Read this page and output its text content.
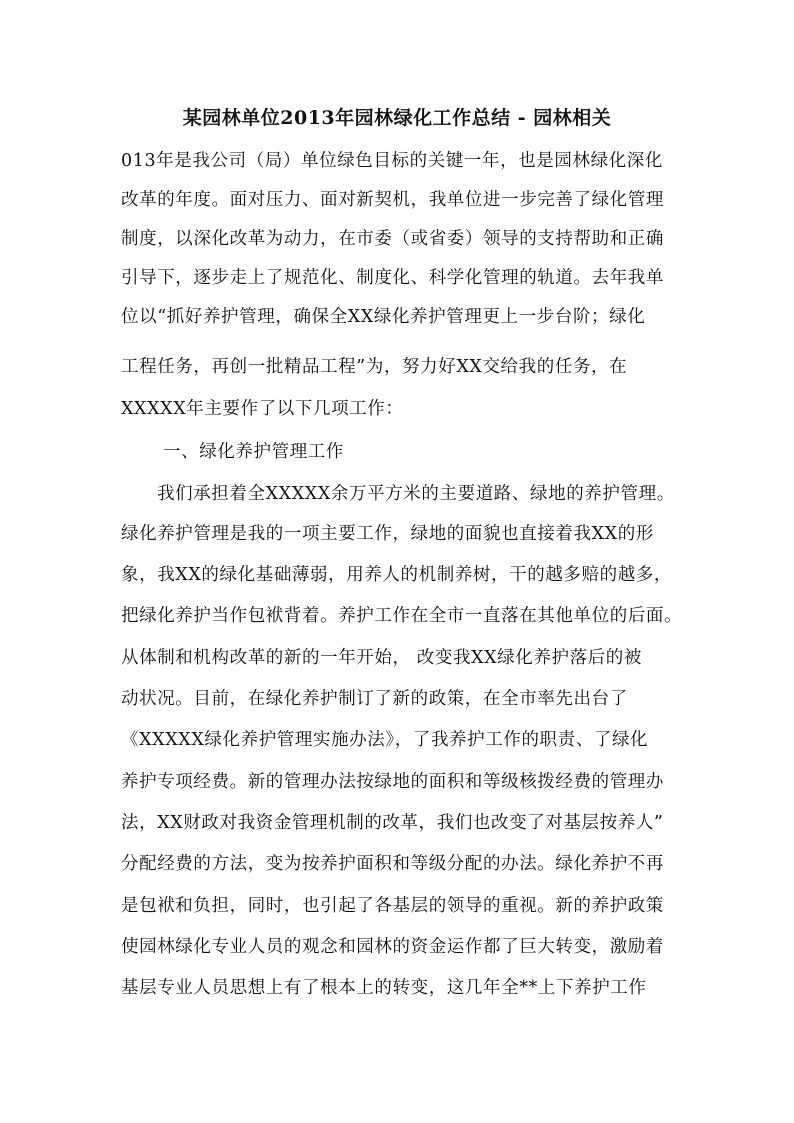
某园林单位2013年园林绿化工作总结 - 园林相关
013年是我公司（局）单位绿色目标的关键一年，也是园林绿化深化
改革的年度。面对压力、面对新契机，我单位进一步完善了绿化管理
制度，以深化改革为动力，在市委（或省委）领导的支持帮助和正确
引导下，逐步走上了规范化、制度化、科学化管理的轨道。去年我单
位以“抓好养护管理，确保全XX绿化养护管理更上一步台阶；绿化
工程任务，再创一批精品工程”为，努力好XX交给我的任务，在
XXXXX年主要作了以下几项工作：
一、绿化养护管理工作
我们承担着全XXXXX余万平方米的主要道路、绿地的养护管理。
绿化养护管理是我的一项主要工作，绿地的面貌也直接着我XX的形
象，我XX的绿化基础薄弱，用养人的机制养树，干的越多赔的越多，
把绿化养护当作包袱背着。养护工作在全市一直落在其他单位的后面。
从体制和机构改革的新的一年开始， 改变我XX绿化养护落后的被
动状况。目前，在绿化养护制订了新的政策，在全市率先出台了
《XXXXX绿化养护管理实施办法》，了我养护工作的职责、了绿化
养护专项经费。新的管理办法按绿地的面积和等级核拨经费的管理办
法，XX财政对我资金管理机制的改革，我们也改变了对基层按养人”
分配经费的方法，变为按养护面积和等级分配的办法。绿化养护不再
是包袱和负担，同时，也引起了各基层的领导的重视。新的养护政策
使园林绿化专业人员的观念和园林的资金运作都了巨大转变，激励着
基层专业人员思想上有了根本上的转变，这几年全**上下养护工作
